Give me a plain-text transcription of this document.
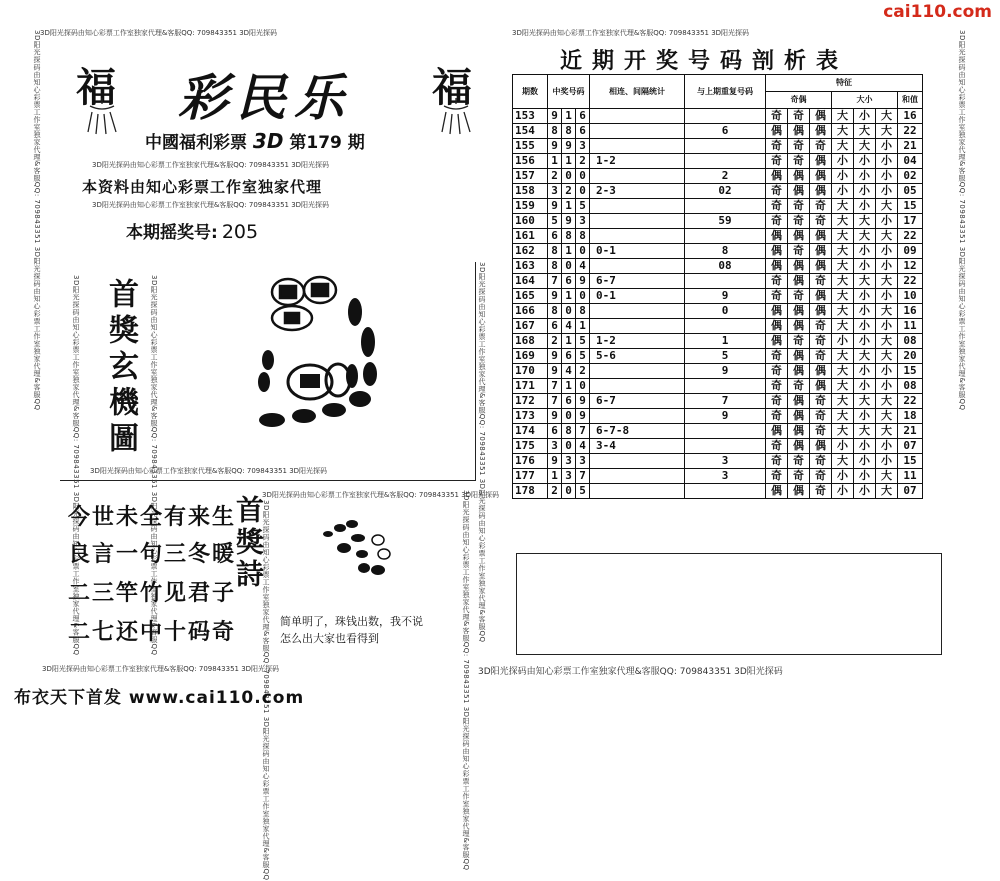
cai110.com
3D阳光探码由知心彩票工作室独家代理&客服QQ: 709843351 3D阳光探码	3D阳光探码由知心彩票工作室独家代理&客服QQ: 709843351 3D阳光探码
3D阳光探码由知心彩票工作室独家代理&客服QQ: 709843351 3D阳光探码由知心彩票工作室独家代理&客服QQ	3D阳光探码由知心彩票工作室独家代理&客服QQ: 709843351 3D阳光探码由知心彩票工作室独家代理&客服QQ
3D阳光探码由知心彩票工作室独家代理&客服QQ: 709843351 3D阳光探码由知心彩票工作室独家代理&客服QQ
3D阳光探码由知心彩票工作室独家代理&客服QQ: 709843351 3D阳光探码	3D阳光探码由知心彩票工作室独家代理&客服QQ: 709843351 3D阳光探码
福	福
彩民乐
中國福利彩票 3D 第179 期
3D阳光探码由知心彩票工作室独家代理&客服QQ: 709843351 3D阳光探码
本资料由知心彩票工作室独家代理
3D阳光探码由知心彩票工作室独家代理&客服QQ: 709843351 3D阳光探码
本期摇奖号: 205
3D阳光探码由知心彩票工作室独家代理&客服QQ: 709843351 3D阳光探码由知心彩票工作室独家代理&客服QQ	3D阳光探码由知心彩票工作室独家代理&客服QQ: 709843351 3D阳光探码由知心彩票工作室独家代理&客服QQ
首獎玄機圖
3D阳光探码由知心彩票工作室独家代理&客服QQ: 709843351 3D阳光探码
今世未全有来生
良言一句三冬暖
二三竿竹见君子
二七还中十码奇
首獎詩
3D阳光探码由知心彩票工作室独家代理&客服QQ: 709843351 3D阳光探码由知心彩票工作室独家代理&客服QQ	3D阳光探码由知心彩票工作室独家代理&客服QQ: 709843351 3D阳光探码由知心彩票工作室独家代理&客服QQ
3D阳光探码由知心彩票工作室独家代理&客服QQ: 709843351 3D阳光探码
简单明了，珠钱出数，我不说
怎么出大家也看得到
布衣天下首发 www.cai110.com
近期开奖号码剖析表
期数	中奖号码			相连、间隔统计	与上期重复号码	特征						
						奇偶			大小			和值
153	9	1	6			奇	奇	偶	大	小	大	16
154	8	8	6		6	偶	偶	偶	大	大	大	22
155	9	9	3			奇	奇	奇	大	大	小	21
156	1	1	2	1-2		奇	奇	偶	小	小	小	04
157	2	0	0		2	偶	偶	偶	小	小	小	02
158	3	2	0	2-3	02	奇	偶	偶	小	小	小	05
159	9	1	5			奇	奇	奇	大	小	大	15
160	5	9	3		59	奇	奇	奇	大	大	小	17
161	6	8	8			偶	偶	偶	大	大	大	22
162	8	1	0	0-1	8	偶	奇	偶	大	小	小	09
163	8	0	4		08	偶	偶	偶	大	小	小	12
164	7	6	9	6-7		奇	偶	奇	大	大	大	22
165	9	1	0	0-1	9	奇	奇	偶	大	小	小	10
166	8	0	8		0	偶	偶	偶	大	小	大	16
167	6	4	1			偶	偶	奇	大	小	小	11
168	2	1	5	1-2	1	偶	奇	奇	小	小	大	08
169	9	6	5	5-6	5	奇	偶	奇	大	大	大	20
170	9	4	2		9	奇	偶	偶	大	小	小	15
171	7	1	0			奇	奇	偶	大	小	小	08
172	7	6	9	6-7	7	奇	偶	奇	大	大	大	22
173	9	0	9		9	奇	偶	奇	大	小	大	18
174	6	8	7	6-7-8		偶	偶	奇	大	大	大	21
175	3	0	4	3-4		奇	偶	偶	小	小	小	07
176	9	3	3		3	奇	奇	奇	大	小	小	15
177	1	3	7		3	奇	奇	奇	小	小	大	11
178	2	0	5			偶	偶	奇	小	小	大	07
